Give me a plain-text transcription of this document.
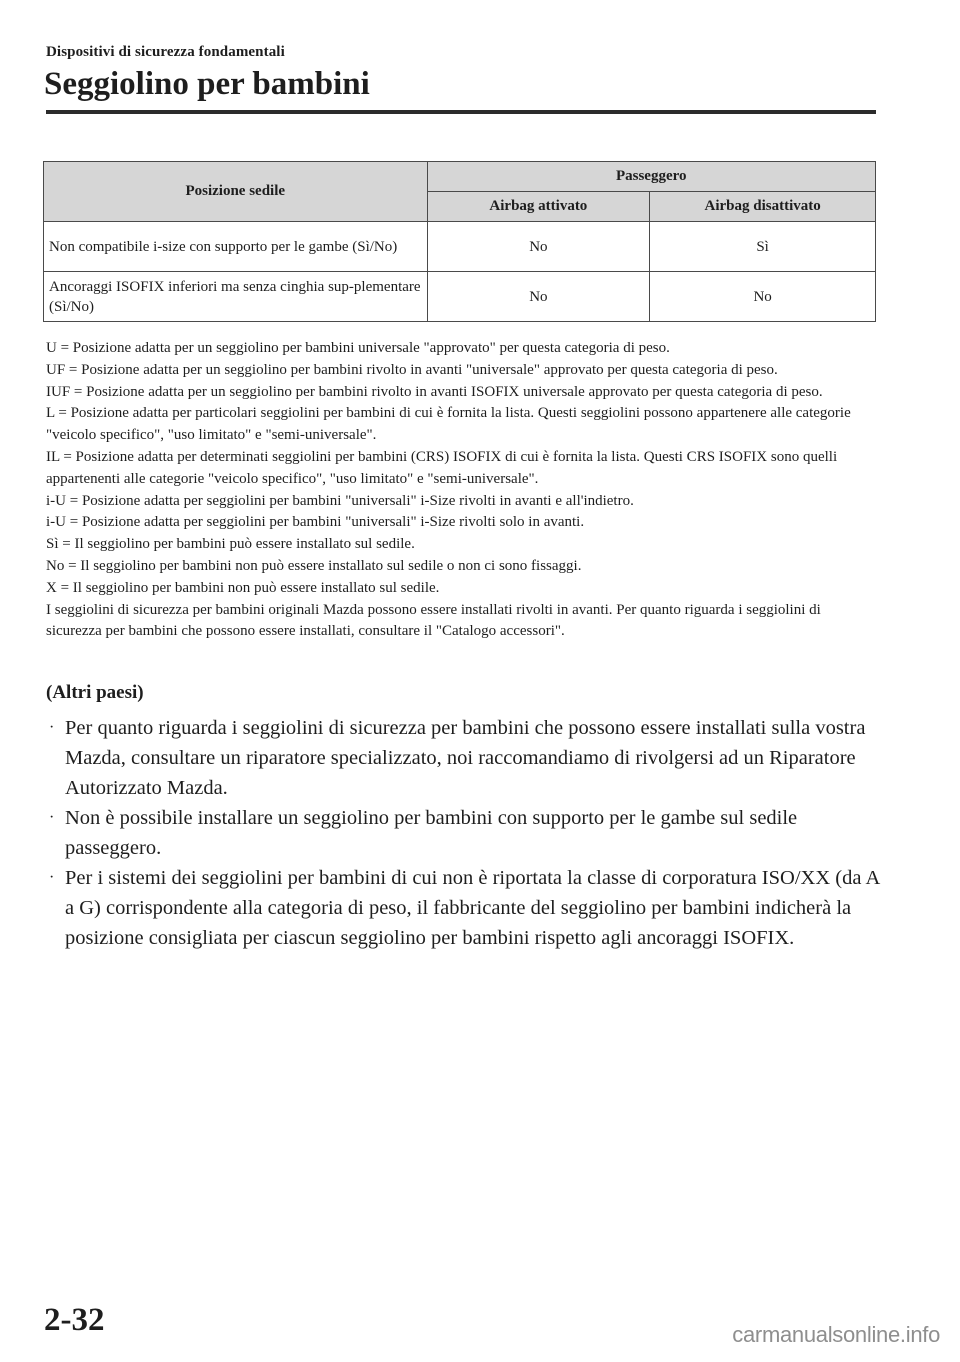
Dispositivi di sicurezza fondamentali
Seggiolino per bambini
Posizione sedile	Passeggero	
	Airbag attivato	Airbag disattivato
Non compatibile i-size con supporto per le gambe (Sì/No)	No	Sì
Ancoraggi ISOFIX inferiori ma senza cinghia sup-plementare (Sì/No)	No	No

U = Posizione adatta per un seggiolino per bambini universale "approvato" per questa categoria di peso.

UF = Posizione adatta per un seggiolino per bambini rivolto in avanti "universale" approvato per questa categoria di peso.

IUF = Posizione adatta per un seggiolino per bambini rivolto in avanti ISOFIX universale approvato per questa categoria di peso.

L = Posizione adatta per particolari seggiolini per bambini di cui è fornita la lista. Questi seggiolini possono appartenere alle categorie "veicolo specifico", "uso limitato" e "semi-universale".

IL = Posizione adatta per determinati seggiolini per bambini (CRS) ISOFIX di cui è fornita la lista. Questi CRS ISOFIX sono quelli appartenenti alle categorie "veicolo specifico", "uso limitato" e "semi-universale".

i-U = Posizione adatta per seggiolini per bambini "universali" i-Size rivolti in avanti e all'indietro.

i-U = Posizione adatta per seggiolini per bambini "universali" i-Size rivolti solo in avanti.

Sì = Il seggiolino per bambini può essere installato sul sedile.

No = Il seggiolino per bambini non può essere installato sul sedile o non ci sono fissaggi.

X = Il seggiolino per bambini non può essere installato sul sedile.

I seggiolini di sicurezza per bambini originali Mazda possono essere installati rivolti in avanti. Per quanto riguarda i seggiolini di sicurezza per bambini che possono essere installati, consultare il "Catalogo accessori".

(Altri paesi)
· Per quanto riguarda i seggiolini di sicurezza per bambini che possono essere installati sulla vostra Mazda, consultare un riparatore specializzato, noi raccomandiamo di rivolgersi ad un Riparatore Autorizzato Mazda.
· Non è possibile installare un seggiolino per bambini con supporto per le gambe sul sedile passeggero.
· Per i sistemi dei seggiolini per bambini di cui non è riportata la classe di corporatura ISO/XX (da A a G) corrispondente alla categoria di peso, il fabbricante del seggiolino per bambini indicherà la posizione consigliata per ciascun seggiolino per bambini rispetto agli ancoraggi ISOFIX.
2-32	carmanualsonline.info
